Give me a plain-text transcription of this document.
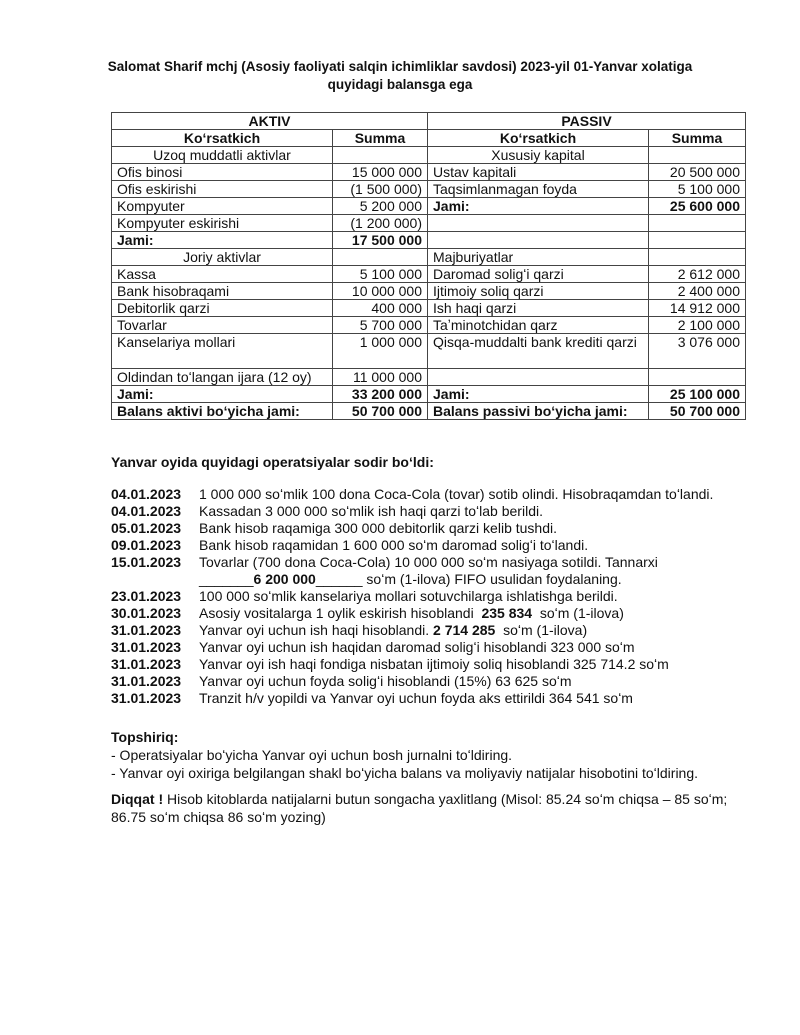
Salomat Sharif mchj (Asosiy faoliyati salqin ichimliklar savdosi) 2023-yil 01-Yanvar xolatiga quyidagi balansga ega
AKTIV		PASSIV	
Koʻrsatkich	Summa	Koʻrsatkich	Summa
Uzoq muddatli aktivlar		Xususiy kapital	
Ofis binosi	15 000 000	Ustav kapitali	20 500 000
Ofis eskirishi	(1 500 000)	Taqsimlanmagan foyda	5 100 000
Kompyuter	5 200 000	Jami:	25 600 000
Kompyuter eskirishi	(1 200 000)		
Jami:	17 500 000		
Joriy aktivlar		Majburiyatlar	
Kassa	5 100 000	Daromad soligʻi qarzi	2 612 000
Bank hisobraqami	10 000 000	Ijtimoiy soliq qarzi	2 400 000
Debitorlik qarzi	400 000	Ish haqi qarzi	14 912 000
Tovarlar	5 700 000	Taʼminotchidan qarz	2 100 000
Kanselariya mollari	1 000 000	Qisqa-muddalti bank krediti qarzi	3 076 000
Oldindan toʻlangan ijara (12 oy)	11 000 000		
Jami:	33 200 000	Jami:	25 100 000
Balans aktivi boʻyicha jami:	50 700 000	Balans passivi boʻyicha jami:	50 700 000
Yanvar oyida quyidagi operatsiyalar sodir boʻldi:
04.01.2023	1 000 000 soʻmlik 100 dona Coca-Cola (tovar) sotib olindi. Hisobraqamdan toʻlandi.
04.01.2023	Kassadan 3 000 000 soʻmlik ish haqi qarzi toʻlab berildi.
05.01.2023	Bank hisob raqamiga 300 000 debitorlik qarzi kelib tushdi.
09.01.2023	Bank hisob raqamidan 1 600 000 soʻm daromad soligʻi toʻlandi.
15.01.2023	Tovarlar (700 dona Coca-Cola) 10 000 000 soʻm nasiyaga sotildi. Tannarxi
_______6 200 000______ soʻm (1-ilova) FIFO usulidan foydalaning.
23.01.2023	100 000 soʻmlik kanselariya mollari sotuvchilarga ishlatishga berildi.
30.01.2023	Asosiy vositalarga 1 oylik eskirish hisoblandi  235 834  soʻm (1-ilova)
31.01.2023	Yanvar oyi uchun ish haqi hisoblandi. 2 714 285  soʻm (1-ilova)
31.01.2023	Yanvar oyi uchun ish haqidan daromad soligʻi hisoblandi 323 000 soʻm
31.01.2023	Yanvar oyi ish haqi fondiga nisbatan ijtimoiy soliq hisoblandi 325 714.2 soʻm
31.01.2023	Yanvar oyi uchun foyda soligʻi hisoblandi (15%) 63 625 soʻm
31.01.2023	Tranzit h/v yopildi va Yanvar oyi uchun foyda aks ettirildi 364 541 soʻm
Topshiriq:
- Operatsiyalar boʻyicha Yanvar oyi uchun bosh jurnalni toʻldiring.
- Yanvar oyi oxiriga belgilangan shakl boʻyicha balans va moliyaviy natijalar hisobotini toʻldiring.
Diqqat ! Hisob kitoblarda natijalarni butun songacha yaxlitlang (Misol: 85.24 soʻm chiqsa – 85 soʻm; 86.75 soʻm chiqsa 86 soʻm yozing)
